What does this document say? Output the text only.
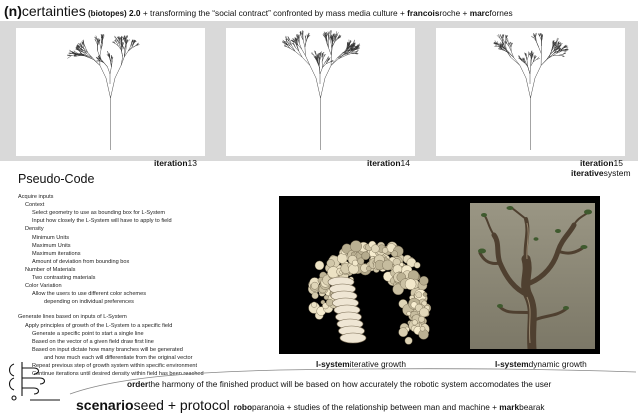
(n)certainties (biotopes) 2.0 + transforming the “social contract” confronted by mass media culture + francoisroche + marcfornes
iteration13	iteration14	iteration15
iterativesystem
Pseudo-Code
Acquire inputs
Context
Select geometry to use as bounding box for L-System
Input how closely the L-System will have to apply to field
Density
Minimum Units
Maximum Units
Maximum iterations
Amount of deviation from bounding box
Number of Materials
Two contrasting materials
Color Variation
Allow the users to use different color schemes
depending on individual preferences
Generate lines based on inputs of L-System
Apply principles of growth of the L-System to a specific field
Generate a specific point to start a single line
Based on the vector of a given field draw first line
Based on input dictate how many branches will be generated
and how much each will differentiate from the original vector
Repeat previous step of growth system within specific environment
Continue iterations until desired density within field has been reached
l-systemiterative growth	l-systemdynamic growth
orderthe harmony of the finished product will be based on how accurately the robotic system accomodates the user
scenarioseed + protocol roboparanoia + studies of the relationship between man and machine + markbearak
